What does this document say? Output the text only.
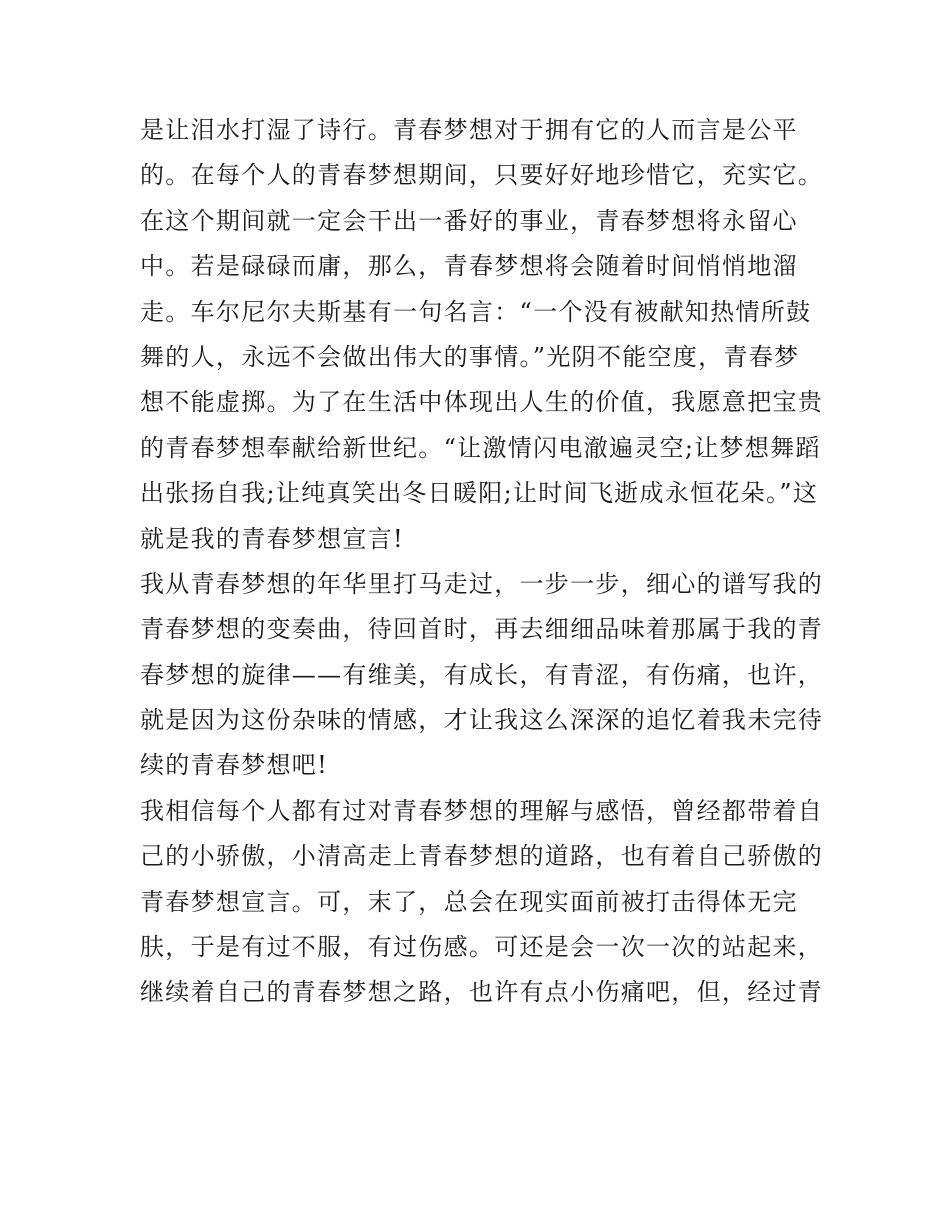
是让泪水打湿了诗行。青春梦想对于拥有它的人而言是公平
的。在每个人的青春梦想期间，只要好好地珍惜它，充实它。
在这个期间就一定会干出一番好的事业，青春梦想将永留心
中。若是碌碌而庸，那么，青春梦想将会随着时间悄悄地溜
走。车尔尼尔夫斯基有一句名言：“一个没有被献知热情所鼓
舞的人，永远不会做出伟大的事情。”光阴不能空度，青春梦
想不能虚掷。为了在生活中体现出人生的价值，我愿意把宝贵
的青春梦想奉献给新世纪。“让激情闪电澈遍灵空;让梦想舞蹈
出张扬自我;让纯真笑出冬日暖阳;让时间飞逝成永恒花朵。”这
就是我的青春梦想宣言!
我从青春梦想的年华里打马走过，一步一步，细心的谱写我的
青春梦想的变奏曲，待回首时，再去细细品味着那属于我的青
春梦想的旋律——有维美，有成长，有青涩，有伤痛，也许，
就是因为这份杂味的情感，才让我这么深深的追忆着我未完待
续的青春梦想吧!
我相信每个人都有过对青春梦想的理解与感悟，曾经都带着自
己的小骄傲，小清高走上青春梦想的道路，也有着自己骄傲的
青春梦想宣言。可，末了，总会在现实面前被打击得体无完
肤，于是有过不服，有过伤感。可还是会一次一次的站起来，
继续着自己的青春梦想之路，也许有点小伤痛吧，但，经过青
